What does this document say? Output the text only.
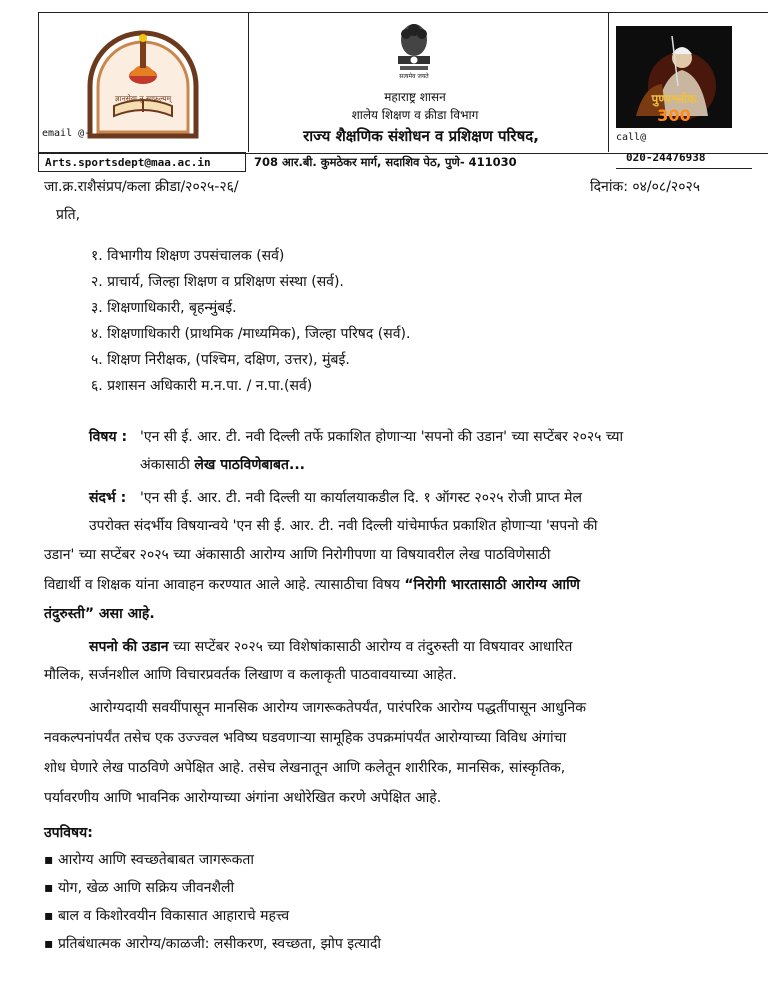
ज्ञानसेवा तु साफल्यम्
email @-
सत्यमेव जयते
महाराष्ट्र शासन
शालेय शिक्षण व क्रीडा विभाग
राज्य शैक्षणिक संशोधन व प्रशिक्षण परिषद,
पुण्यश्लोक
300
call@
Arts.sportsdept@maa.ac.in	708 आर.बी. कुमठेकर मार्ग, सदाशिव पेठ, पुणे- 411030	020-24476938
जा.क्र.राशैसंप्रप/कला क्रीडा/२०२५-२६/	दिनांक: ०४/०८/२०२५
प्रति,
१. विभागीय शिक्षण उपसंचालक (सर्व)
२. प्राचार्य, जिल्हा शिक्षण व प्रशिक्षण संस्था (सर्व).
३. शिक्षणाधिकारी, बृहन्मुंबई.
४. शिक्षणाधिकारी (प्राथमिक /माध्यमिक), जिल्हा परिषद (सर्व).
५. शिक्षण निरीक्षक, (पश्चिम, दक्षिण, उत्तर), मुंबई.
६. प्रशासन अधिकारी म.न.पा. / न.पा.(सर्व)
विषय : 'एन सी ई. आर. टी. नवी दिल्ली तर्फे प्रकाशित होणाऱ्या 'सपनो की उडान' च्या सप्टेंबर २०२५ च्या
अंकासाठी लेख पाठविणेबाबत...
संदर्भ : 'एन सी ई. आर. टी. नवी दिल्ली या कार्यालयाकडील दि. १ ऑगस्ट २०२५ रोजी प्राप्त मेल
उपरोक्त संदर्भीय विषयान्वये 'एन सी ई. आर. टी. नवी दिल्ली यांचेमार्फत प्रकाशित होणाऱ्या 'सपनो की
उडान' च्या सप्टेंबर २०२५ च्या अंकासाठी आरोग्य आणि निरोगीपणा या विषयावरील लेख पाठविणेसाठी
विद्यार्थी व शिक्षक यांना आवाहन करण्यात आले आहे. त्यासाठीचा विषय “निरोगी भारतासाठी आरोग्य आणि
तंदुरुस्ती” असा आहे.
सपनो की उडान च्या सप्टेंबर २०२५ च्या विशेषांकासाठी आरोग्य व तंदुरुस्ती या विषयावर आधारित
मौलिक, सर्जनशील आणि विचारप्रवर्तक लिखाण व कलाकृती पाठवावयाच्या आहेत.
आरोग्यदायी सवयींपासून मानसिक आरोग्य जागरूकतेपर्यंत, पारंपरिक आरोग्य पद्धतींपासून आधुनिक
नवकल्पनांपर्यंत तसेच एक उज्ज्वल भविष्य घडवणाऱ्या सामूहिक उपक्रमांपर्यंत आरोग्याच्या विविध अंगांचा
शोध घेणारे लेख पाठविणे अपेक्षित आहे. तसेच लेखनातून आणि कलेतून शारीरिक, मानसिक, सांस्कृतिक,
पर्यावरणीय आणि भावनिक आरोग्याच्या अंगांना अधोरेखित करणे अपेक्षित आहे.
उपविषय:
▪ आरोग्य आणि स्वच्छतेबाबत जागरूकता
▪ योग, खेळ आणि सक्रिय जीवनशैली
▪ बाल व किशोरवयीन विकासात आहाराचे महत्त्व
▪ प्रतिबंधात्मक आरोग्य/काळजी: लसीकरण, स्वच्छता, झोप इत्यादी
